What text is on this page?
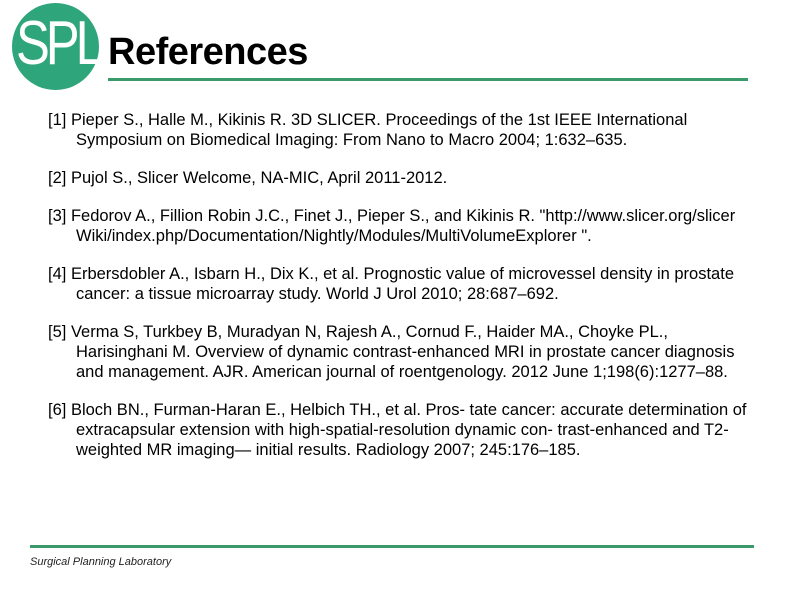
SPL References
[1] Pieper S., Halle M., Kikinis R. 3D SLICER. Proceedings of the 1st IEEE International Symposium on Biomedical Imaging: From Nano to Macro 2004; 1:632–635.
[2] Pujol S., Slicer Welcome, NA-MIC, April 2011-2012.
[3] Fedorov A., Fillion Robin J.C., Finet J., Pieper S., and Kikinis R. "http://www.slicer.org/slicerWiki/index.php/Documentation/Nightly/Modules/MultiVolumeExplorer ".
[4] Erbersdobler A., Isbarn H., Dix K., et al. Prognostic value of microvessel density in prostate cancer: a tissue microarray study. World J Urol 2010; 28:687–692.
[5] Verma S, Turkbey B, Muradyan N, Rajesh A., Cornud F., Haider MA., Choyke PL., Harisinghani M. Overview of dynamic contrast-enhanced MRI in prostate cancer diagnosis and management. AJR. American journal of roentgenology. 2012 June 1;198(6):1277–88.
[6] Bloch BN., Furman-Haran E., Helbich TH., et al. Pros- tate cancer: accurate determination of extracapsular extension with high-spatial-resolution dynamic con- trast-enhanced and T2-weighted MR imaging— initial results. Radiology 2007; 245:176–185.
Surgical Planning Laboratory
